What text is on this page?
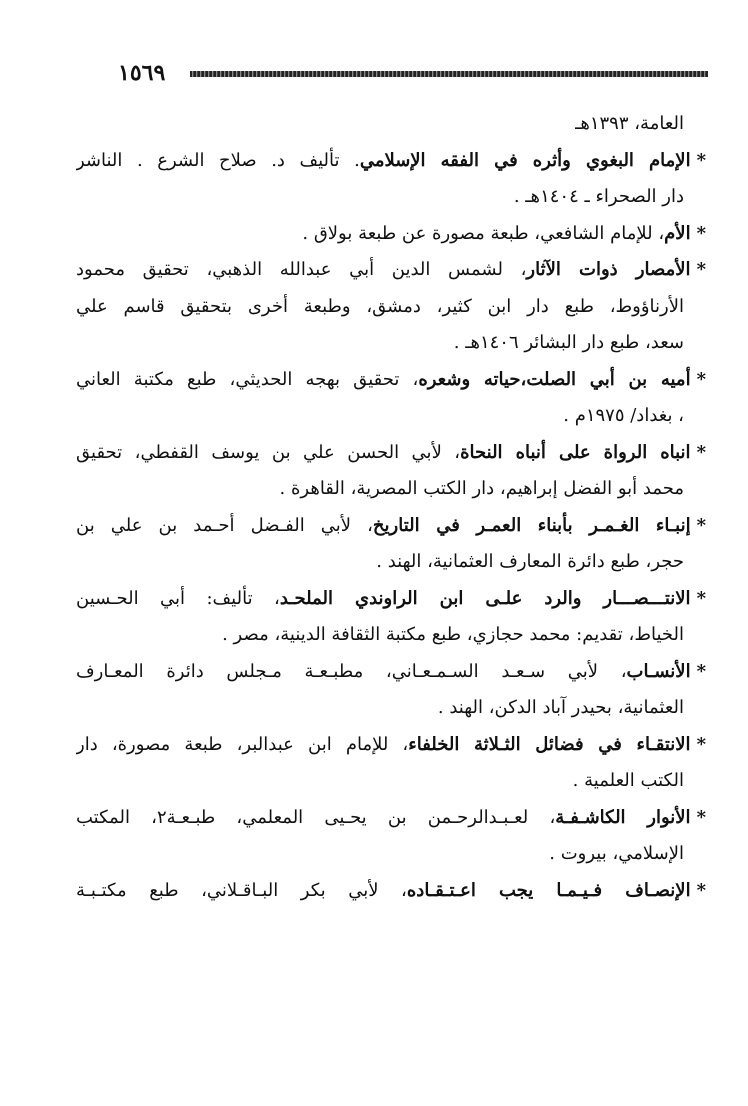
١٥٦٩
العامة، ١٣٩٣هـ
*الإمام البغوي وأثره في الفقه الإسلامي. تأليف د. صلاح الشرع . الناشر
دار الصحراء ـ ١٤٠٤هـ .
*الأم، للإمام الشافعي، طبعة مصورة عن طبعة بولاق .
*الأمصار ذوات الآثار، لشمس الدين أبي عبدالله الذهبي، تحقيق محمود
الأرناؤوط، طبع دار ابن كثير، دمشق، وطبعة أخرى بتحقيق قاسم علي
سعد، طبع دار البشائر ١٤٠٦هـ .
*أميه بن أبي الصلت،حياته وشعره، تحقيق بهجه الحديثي، طبع مكتبة العاني
، بغداد/ ١٩٧٥م .
*انباه الرواة على أنباه النحاة، لأبي الحسن علي بن يوسف القفطي، تحقيق
محمد أبو الفضل إبراهيم، دار الكتب المصرية، القاهرة .
*إنبـاء الغـمـر بأبناء العمـر في التاريخ، لأبي الفـضل أحـمد بن علي بن
حجر، طبع دائرة المعارف العثمانية، الهند .
*الانتـــصـــار والرد علـى ابن الراوندي الملحـد، تأليف: أبي الحـسين
الخياط، تقديم: محمد حجازي، طبع مكتبة الثقافة الدينية، مصر .
*الأنسـاب، لأبي سـعـد السـمـعـاني، مطبـعـة مـجلس دائرة المعـارف
العثمانية، بحيدر آباد الدكن، الهند .
*الانتقـاء في فضائل الثـلاثة الخلفاء، للإمام ابن عبدالبر، طبعة مصورة، دار
الكتب العلمية .
*الأنوار الكاشـفـة، لعـبـدالرحـمن بن يحـيى المعلمي، طبـعـة٢، المكتب
الإسلامي، بيروت .
*الإنصـاف فـيـمـا يجب اعـتـقـاده، لأبي بكر البـاقـلاني، طبع مكتـبـة
